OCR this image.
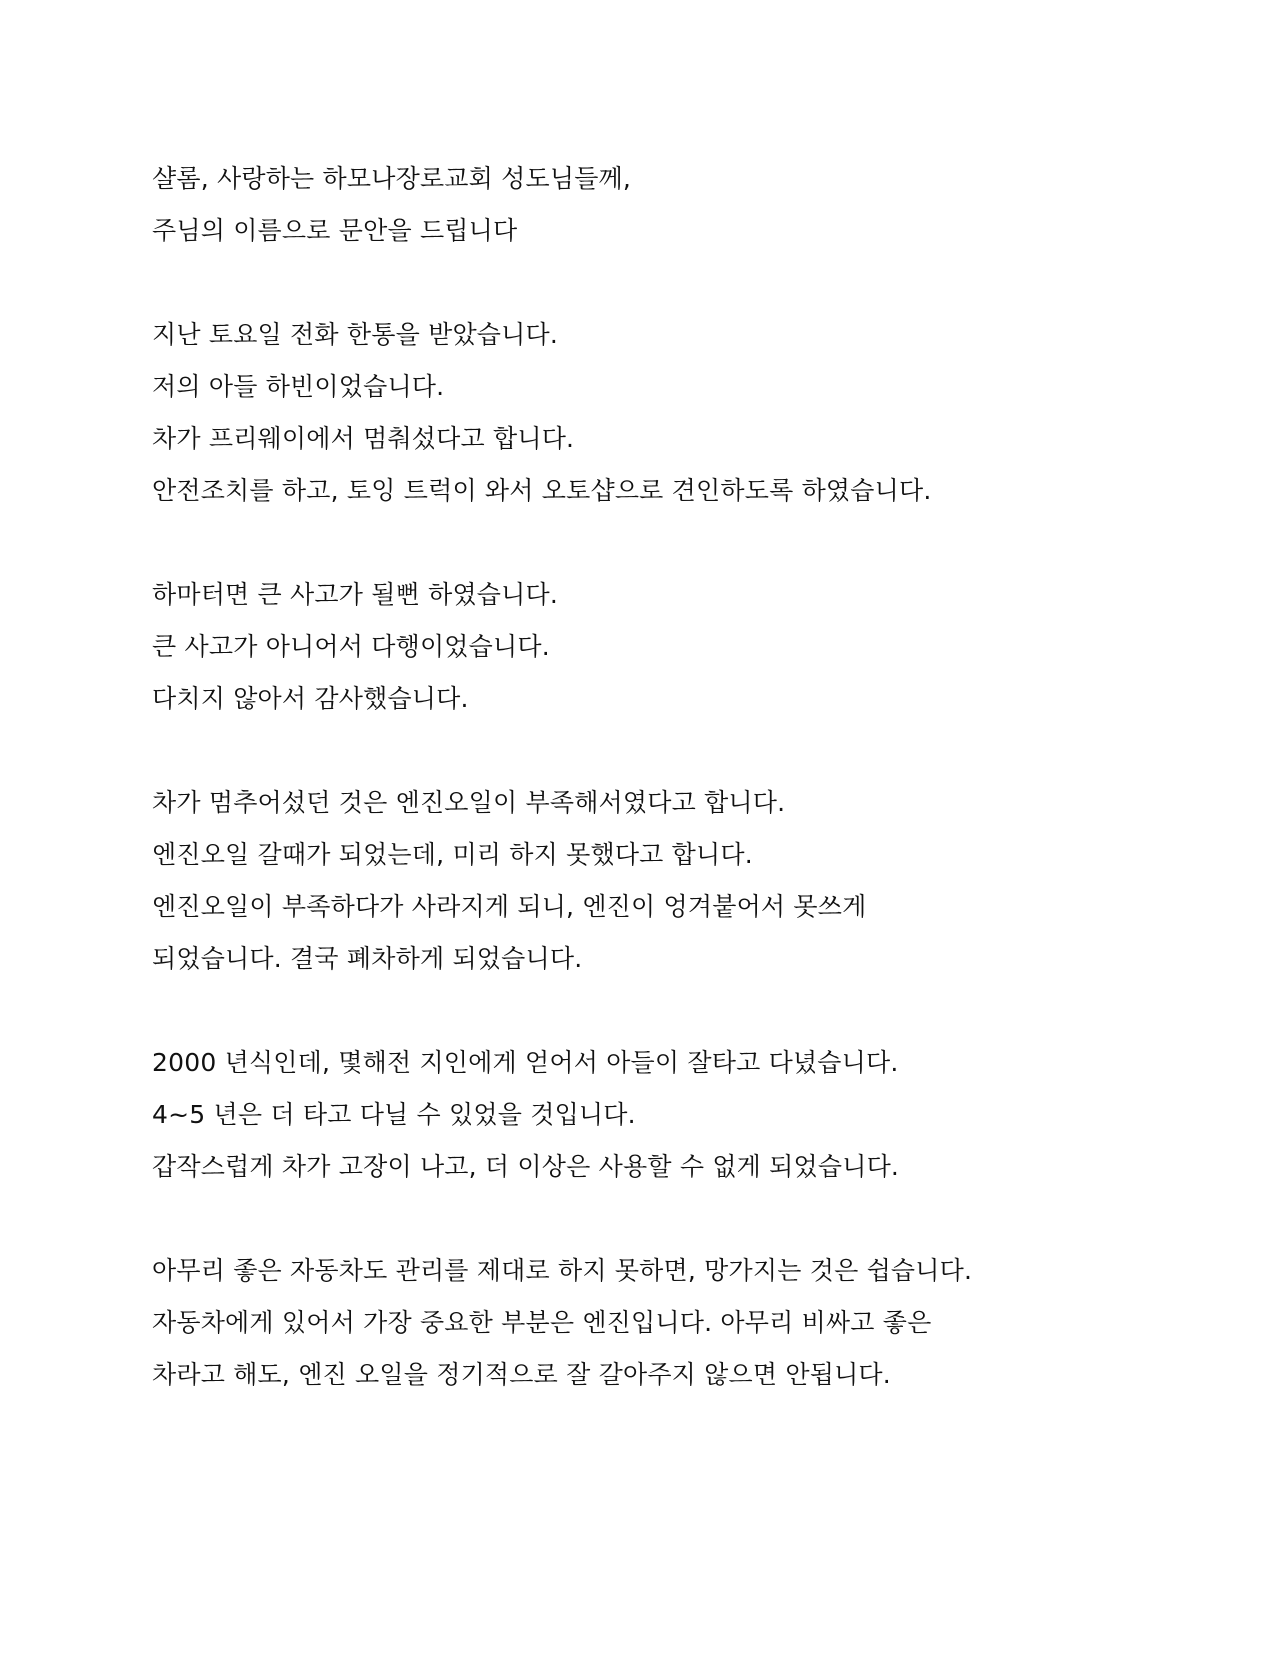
샬롬, 사랑하는 하모나장로교회 성도님들께,
주님의 이름으로 문안을 드립니다
지난 토요일 전화 한통을 받았습니다.
저의 아들 하빈이었습니다.
차가 프리웨이에서 멈춰섰다고 합니다.
안전조치를 하고, 토잉 트럭이 와서 오토샵으로 견인하도록 하였습니다.
하마터면 큰 사고가 될뻔 하였습니다.
큰 사고가 아니어서 다행이었습니다.
다치지 않아서 감사했습니다.
차가 멈추어섰던 것은 엔진오일이 부족해서였다고 합니다.
엔진오일 갈때가 되었는데, 미리 하지 못했다고 합니다.
엔진오일이 부족하다가 사라지게 되니, 엔진이 엉겨붙어서 못쓰게
되었습니다. 결국 폐차하게 되었습니다.
2000 년식인데, 몇해전 지인에게 얻어서 아들이 잘타고 다녔습니다.
4~5 년은 더 타고 다닐 수 있었을 것입니다.
갑작스럽게 차가 고장이 나고, 더 이상은 사용할 수 없게 되었습니다.
아무리 좋은 자동차도 관리를 제대로 하지 못하면, 망가지는 것은 쉽습니다.
자동차에게 있어서 가장 중요한 부분은 엔진입니다. 아무리 비싸고 좋은
차라고 해도, 엔진 오일을 정기적으로 잘 갈아주지 않으면 안됩니다.
